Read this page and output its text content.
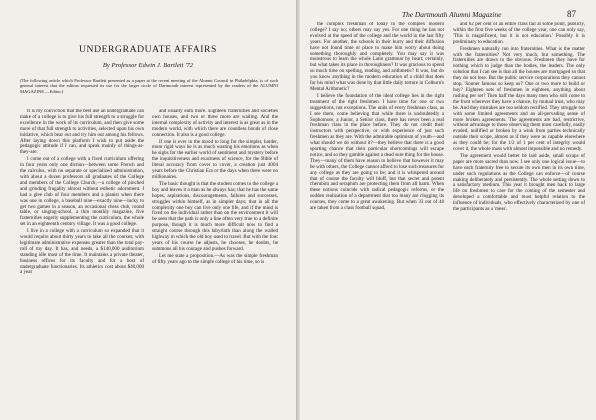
UNDERGRADUATE AFFAIRS
By Professor Edwin J. Bartlett '72

(The following article which Professor Bartlett presented as a paper at the recent meeting of the Alumni Council in Philadelphia, is of such general interest that the editors requested its use for the larger circle of Dartmouth interest represented by the readers of the ALUMNI MAGAZINE.—Editor.)

It is my conviction that the best use an undergraduate can make of a college is to give his full strength to a struggle for excellence in the work of its curriculum, and then give some more of that full strength to activities, selected upon his own initiative, which bear out and try him out among his fellows. After laying down this platform I wish to put aside the pedagogic attitude if I can, and speak mainly of things-as-they-are.

I come out of a college with a fixed curriculum offering in four years only one diction—between some French and the calculus, with no separate or specialized administration, with about a dozen professors all graduates of the College and members of the College Church,—a college of pinched and grinding frugality almost without esthetic adornment. I had a glee club of four members and a pianist when there was one in college, a baseball nine—exactly nine—lucky to get two games in a season, an occasional chess club, round table, or singing-school, a thin monthly magazine, five fraternities eagerly supplementing the curriculum, the whole set in an eighteenth century village. It was a good college.

I live in a college with a curriculum so expanded that it would require about thirty years to take all the courses; with legitimate administrative expenses greater than the total pay-roll of my day. It has, and needs, a $140,000 auditorium standing idle most of the time. It maintains a private theater, business offices for its faculty and for a host of undergraduate functionaries. Its athletics cost about $40,000 a year

and usually earn more. Eighteen fraternities and societies own houses, and two or three more are waiting. And the internal complexity of activity and interest is as great as in the modern world, with which there are countless bonds of close connection. It also is a good college.

If one is ever in the mood to long for the simpler, harder, more rigid ways he is as much wasting his emotions as when he sighs for the earlier world of sentiment and mystery before the inquisitiveness and exactness of science, for the Bible of literal accuracy from cover to cover, a creation just 4004 years before the Christian Era or the days when there were no millionaires.

The basic thought is that the student comes to the college a boy and leaves it a man as he always has; that he has the same hopes, aspirations, discouragements, failures and successes, struggles within himself, as in simpler days; that in all the complexity one boy can live only one life, and if the mind is fixed on the individual rather than on the environment it will be seen that the path is only a line often very true to a definite purpose, though it is much more difficult now to find a straight course through this labyrinth than along the walled highway in which the old boy used to travel. But with the four years of his course he adjusts, he chooses, he doubts, he summons all his courage and pushes forward.

Let me state a proposition.—As was the simple freshman of fifty years ago to the simple college of his time, so is

the complex freshman of today to the complex modern college? I say no; others may say yes. For one thing he has not evolved at the speed of the college and the world in the last fifty years. For another, the schools in their hurry and their diffusion have not found time or place to make him worry about doing something thoroughly and completely. You may say it was monstrous to learn the whole Latin grammar by heart; certainly, but what takes its place in thoroughness? It was gracious to spend so much time on spelling, reading, and arithmetic? It was, but do you know anything in the modern education of a child that does for his mind what was done by that little daily torture in Colburn's Mental Arithmetic?

I believe the foundation of the ideal college lies in the right treatment of the right freshmen. I have time for one or two suggestions, not exceptions. The units of every freshman class, as I see them, come believing that while there is undoubtedly a Sophomore, a Junior, a Senior class, there has never been a real freshman class in the place before. They do not credit their instructors with perspective, or with experience of just such freshmen as they are. With the admirable optimism of youth—and what should we do without it?—they believe that there is a good sporting chance that their particular shortcomings will escape notice, and so they gamble against a dead sure thing for the house. They—many of them have reason to believe that however it may be with others, the College cannot afford to lose such treasures for any college as they are going to be; and it is whispered around that of course the faculty will bluff, but that secret and potent cherubim and seraphim are protecting them from all harm. When these notions coincide with radical pedagogic reforms, or the sudden realization of a department that too many are clogging its courses, they come to a great awakening. But when 33 out of 48 are taken from a class football squad,

and 62 per cent of an entire class fail at some point, publicly, within the first five weeks of the college year, one can only say, 'This is magnificent, but it is not education.' Possibly it is preliminary to education.

Freshmen naturally run into fraternities. What is the matter with the fraternities? Not very much, but something. The fraternities are drawn to the obvious. Freshmen they have for nothing which to judge than the bodies, the leaders. The only solution that I can see is that all the houses are mortgaged so that they do not lose. But the public service corporations they cannot stop. 'Sooner famous so keep us?' One or two more to build or buy? Eighteen sets of freshmen in eighteen, anything about rushing per set? Then half the days many men who still come to the front wherever they have a chance, by mutual trust, who may be. And they mistakes are too seldom rectified. They struggle too with some limited agreements and an all-pervading sense of more broken agreements. The agreements are bad, restrictive, without advantage to those observing them most carefully, easily evaded, nullified or broken by a wink from parties technically outside their scope, almost as if they were as capable elsewhere as they could be; for the 1/2 of 1 per cent of integrity would cover it, the whole mass with almost impossible and no remedy.

The agreement would better be laid aside, small scraps of paper are more sacred than now. I see only one logical issue—to have each fraternity free to secure its own men in its own time, under such regulations as the College can enforce—of course making deliberately and persistently. The whole setting down to a satisfactory medium. This year it brought men back to large life on freshmen to care for the coming of the semester and developed a comfortable and most helpful relation to the influence of individuals, who effectively characterized by one of the participants as a 'mess'.

The Dartmouth Alumni Magazine	87
